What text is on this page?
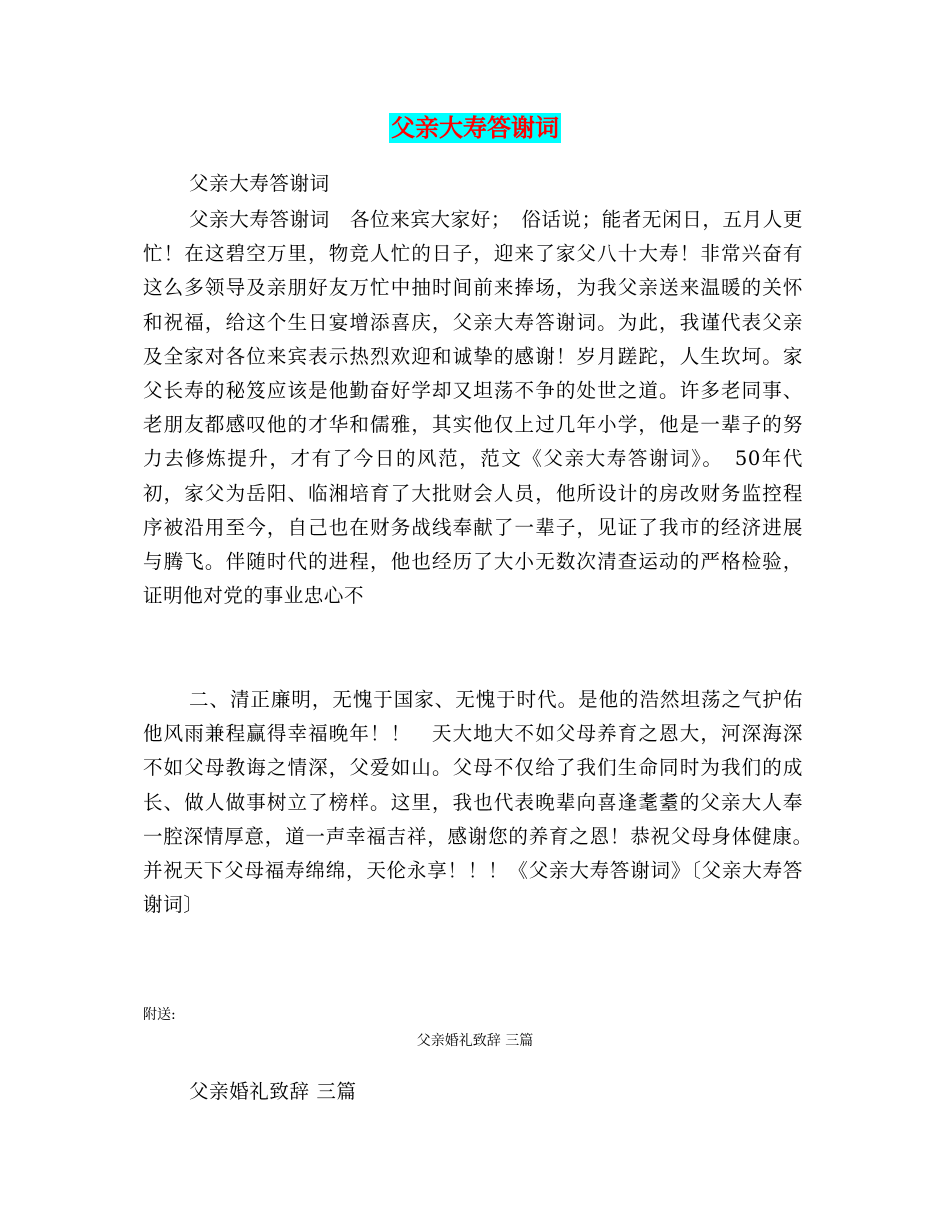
父亲大寿答谢词
父亲大寿答谢词

父亲大寿答谢词　各位来宾大家好；　俗话说；能者无闲日，五月人更忙！在这碧空万里，物竞人忙的日子，迎来了家父八十大寿！非常兴奋有这么多领导及亲朋好友万忙中抽时间前来捧场，为我父亲送来温暖的关怀和祝福，给这个生日宴增添喜庆，父亲大寿答谢词。为此，我谨代表父亲及全家对各位来宾表示热烈欢迎和诚挚的感谢！岁月蹉跎，人生坎坷。家父长寿的秘笈应该是他勤奋好学却又坦荡不争的处世之道。许多老同事、老朋友都感叹他的才华和儒雅，其实他仅上过几年小学，他是一辈子的努力去修炼提升，才有了今日的风范，范文《父亲大寿答谢词》。　50年代初，家父为岳阳、临湘培育了大批财会人员，他所设计的房改财务监控程序被沿用至今，自己也在财务战线奉献了一辈子，见证了我市的经济进展与腾飞。伴随时代的进程，他也经历了大小无数次清查运动的严格检验，证明他对党的事业忠心不

二、清正廉明，无愧于国家、无愧于时代。是他的浩然坦荡之气护佑他风雨兼程赢得幸福晚年！！　天大地大不如父母养育之恩大，河深海深不如父母教诲之情深，父爱如山。父母不仅给了我们生命同时为我们的成长、做人做事树立了榜样。这里，我也代表晚辈向喜逢耄耋的父亲大人奉一腔深情厚意，道一声幸福吉祥，感谢您的养育之恩！恭祝父母身体健康。　并祝天下父母福寿绵绵，天伦永享！！！《父亲大寿答谢词》〔父亲大寿答谢词〕

附送:
父亲婚礼致辞 三篇
父亲婚礼致辞 三篇
